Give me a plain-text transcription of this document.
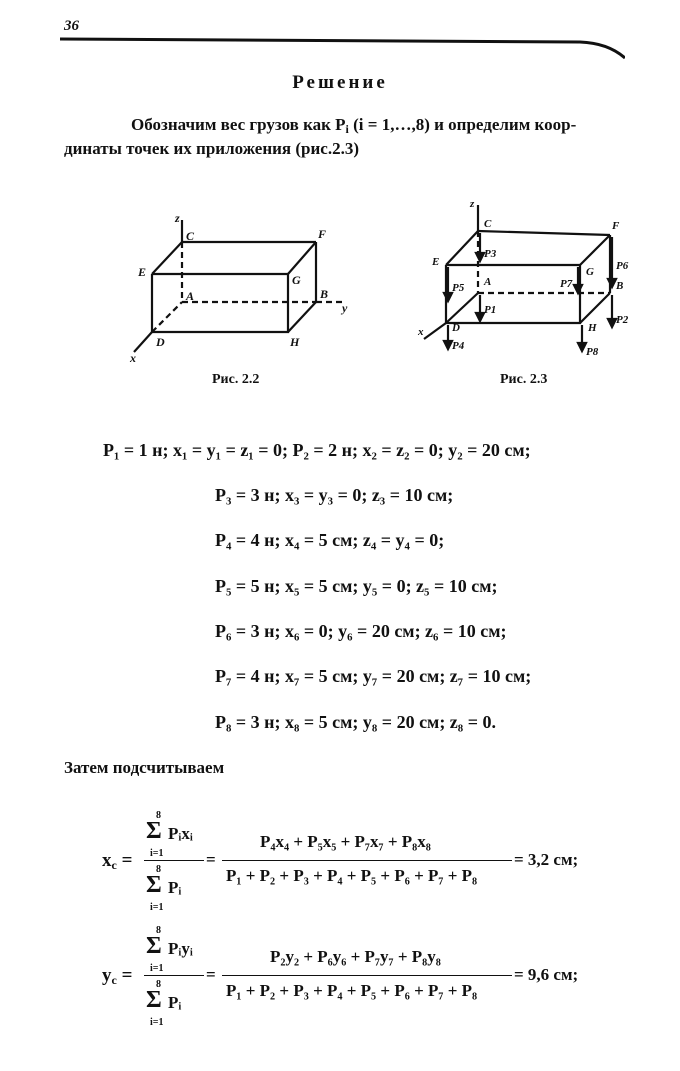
36
Решение
Обозначим вес грузов как $P_i$ (i = 1,…,8) и определим коор-
динаты точек их приложения (рис.2.3)
z
C	F
E
G
A	B
y
x
D	H
Рис. 2.2
z
C	F
E
G
A	B
x	D	H
P1
P2
P3
P4
P5
P6
P7
P8
Рис. 2.3
P₁ = 1 н; x₁ = y₁ = z₁ = 0; P₂ = 2 н; x₂ = z₂ = 0; y₂ = 20 см;
P₃ = 3 н; x₃ = y₃ = 0; z₃ = 10 см;
P₄ = 4 н; x₄ = 5 см; z₄ = y₄ = 0;
P₅ = 5 н; x₅ = 5 см; y₅ = 0; z₅ = 10 см;
P₆ = 3 н; x₆ = 0; y₆ = 20 см; z₆ = 10 см;
P₇ = 4 н; x₇ = 5 см; y₇ = 20 см; z₇ = 10 см;
P₈ = 3 н; x₈ = 5 см; y₈ = 20 см; z₈ = 0.
Затем подсчитываем
$x_c$ =
8
Σ Pᵢxᵢ
i=1
8
Σ Pᵢ
i=1
=
P₄x₄ + P₅x₅ + P₇x₇ + P₈x₈
P₁ + P₂ + P₃ + P₄ + P₅ + P₆ + P₇ + P₈
= 3,2 см;
$y_c$ =
8
Σ Pᵢyᵢ
i=1
8
Σ Pᵢ
i=1
=
P₂y₂ + P₆y₆ + P₇y₇ + P₈y₈
P₁ + P₂ + P₃ + P₄ + P₅ + P₆ + P₇ + P₈
= 9,6 см;
